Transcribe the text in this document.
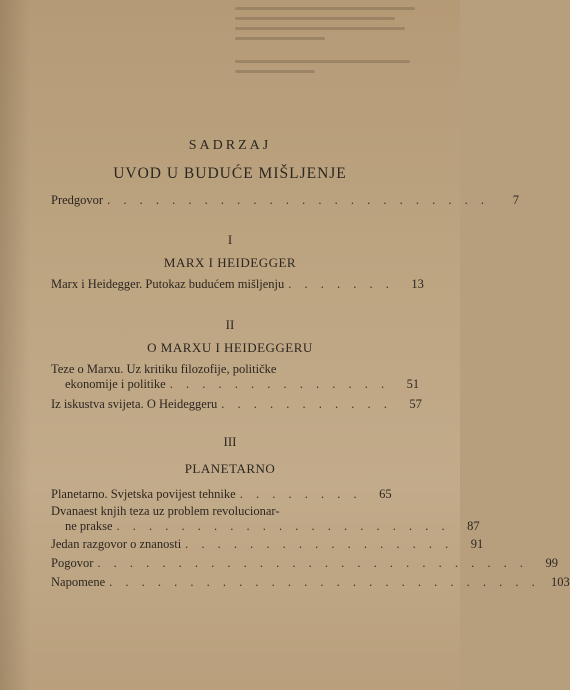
SADRZAJ
UVOD U BUDUĆE MIŠLJENJE
Predgovor . . . . . . . . . . . . . . . . . . . . . . . .	7
I
MARX I HEIDEGGER
Marx i Heidegger. Putokaz budućem mišljenju . . . . . . .	13
II
O MARXU I HEIDEGGERU
Teze o Marxu. Uz kritiku filozofije, političke
ekonomije i politike . . . . . . . . . . . . . .	51
Iz iskustva svijeta. O Heideggeru . . . . . . . . . . .	57
III
PLANETARNO
Planetarno. Svjetska povijest tehnike . . . . . . . .	65
Dvanaest knjih teza uz problem revolucionar-
ne prakse . . . . . . . . . . . . . . . . . . . . .	87
Jedan razgovor o znanosti . . . . . . . . . . . . . . . . .	91
Pogovor . . . . . . . . . . . . . . . . . . . . . . . . . . .	99
Napomene . . . . . . . . . . . . . . . . . . . . . . . . . . . 103
